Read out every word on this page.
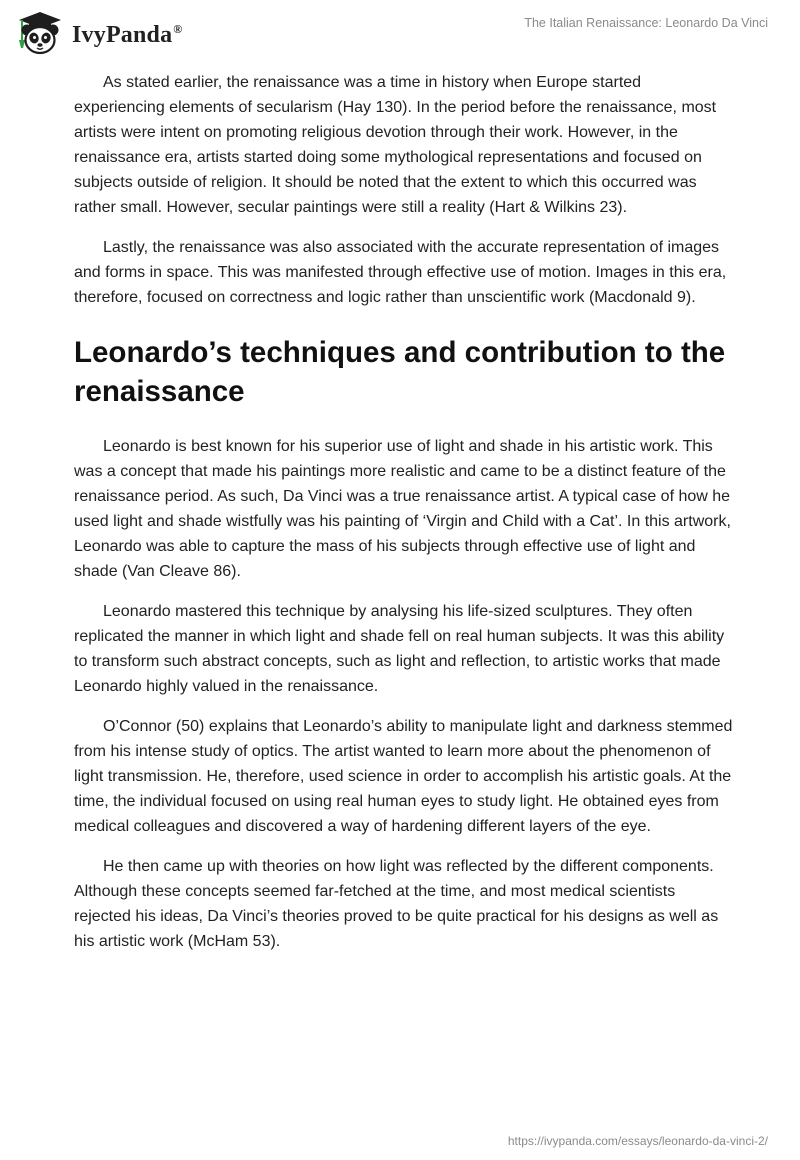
IvyPanda®	The Italian Renaissance: Leonardo Da Vinci

As stated earlier, the renaissance was a time in history when Europe started experiencing elements of secularism (Hay 130). In the period before the renaissance, most artists were intent on promoting religious devotion through their work. However, in the renaissance era, artists started doing some mythological representations and focused on subjects outside of religion. It should be noted that the extent to which this occurred was rather small. However, secular paintings were still a reality (Hart & Wilkins 23).

Lastly, the renaissance was also associated with the accurate representation of images and forms in space. This was manifested through effective use of motion. Images in this era, therefore, focused on correctness and logic rather than unscientific work (Macdonald 9).

Leonardo’s techniques and contribution to the renaissance

Leonardo is best known for his superior use of light and shade in his artistic work. This was a concept that made his paintings more realistic and came to be a distinct feature of the renaissance period. As such, Da Vinci was a true renaissance artist. A typical case of how he used light and shade wistfully was his painting of ‘Virgin and Child with a Cat’. In this artwork, Leonardo was able to capture the mass of his subjects through effective use of light and shade (Van Cleave 86).

Leonardo mastered this technique by analysing his life-sized sculptures. They often replicated the manner in which light and shade fell on real human subjects. It was this ability to transform such abstract concepts, such as light and reflection, to artistic works that made Leonardo highly valued in the renaissance.

O’Connor (50) explains that Leonardo’s ability to manipulate light and darkness stemmed from his intense study of optics. The artist wanted to learn more about the phenomenon of light transmission. He, therefore, used science in order to accomplish his artistic goals. At the time, the individual focused on using real human eyes to study light. He obtained eyes from medical colleagues and discovered a way of hardening different layers of the eye.

He then came up with theories on how light was reflected by the different components. Although these concepts seemed far-fetched at the time, and most medical scientists rejected his ideas, Da Vinci’s theories proved to be quite practical for his designs as well as his artistic work (McHam 53).

https://ivypanda.com/essays/leonardo-da-vinci-2/
